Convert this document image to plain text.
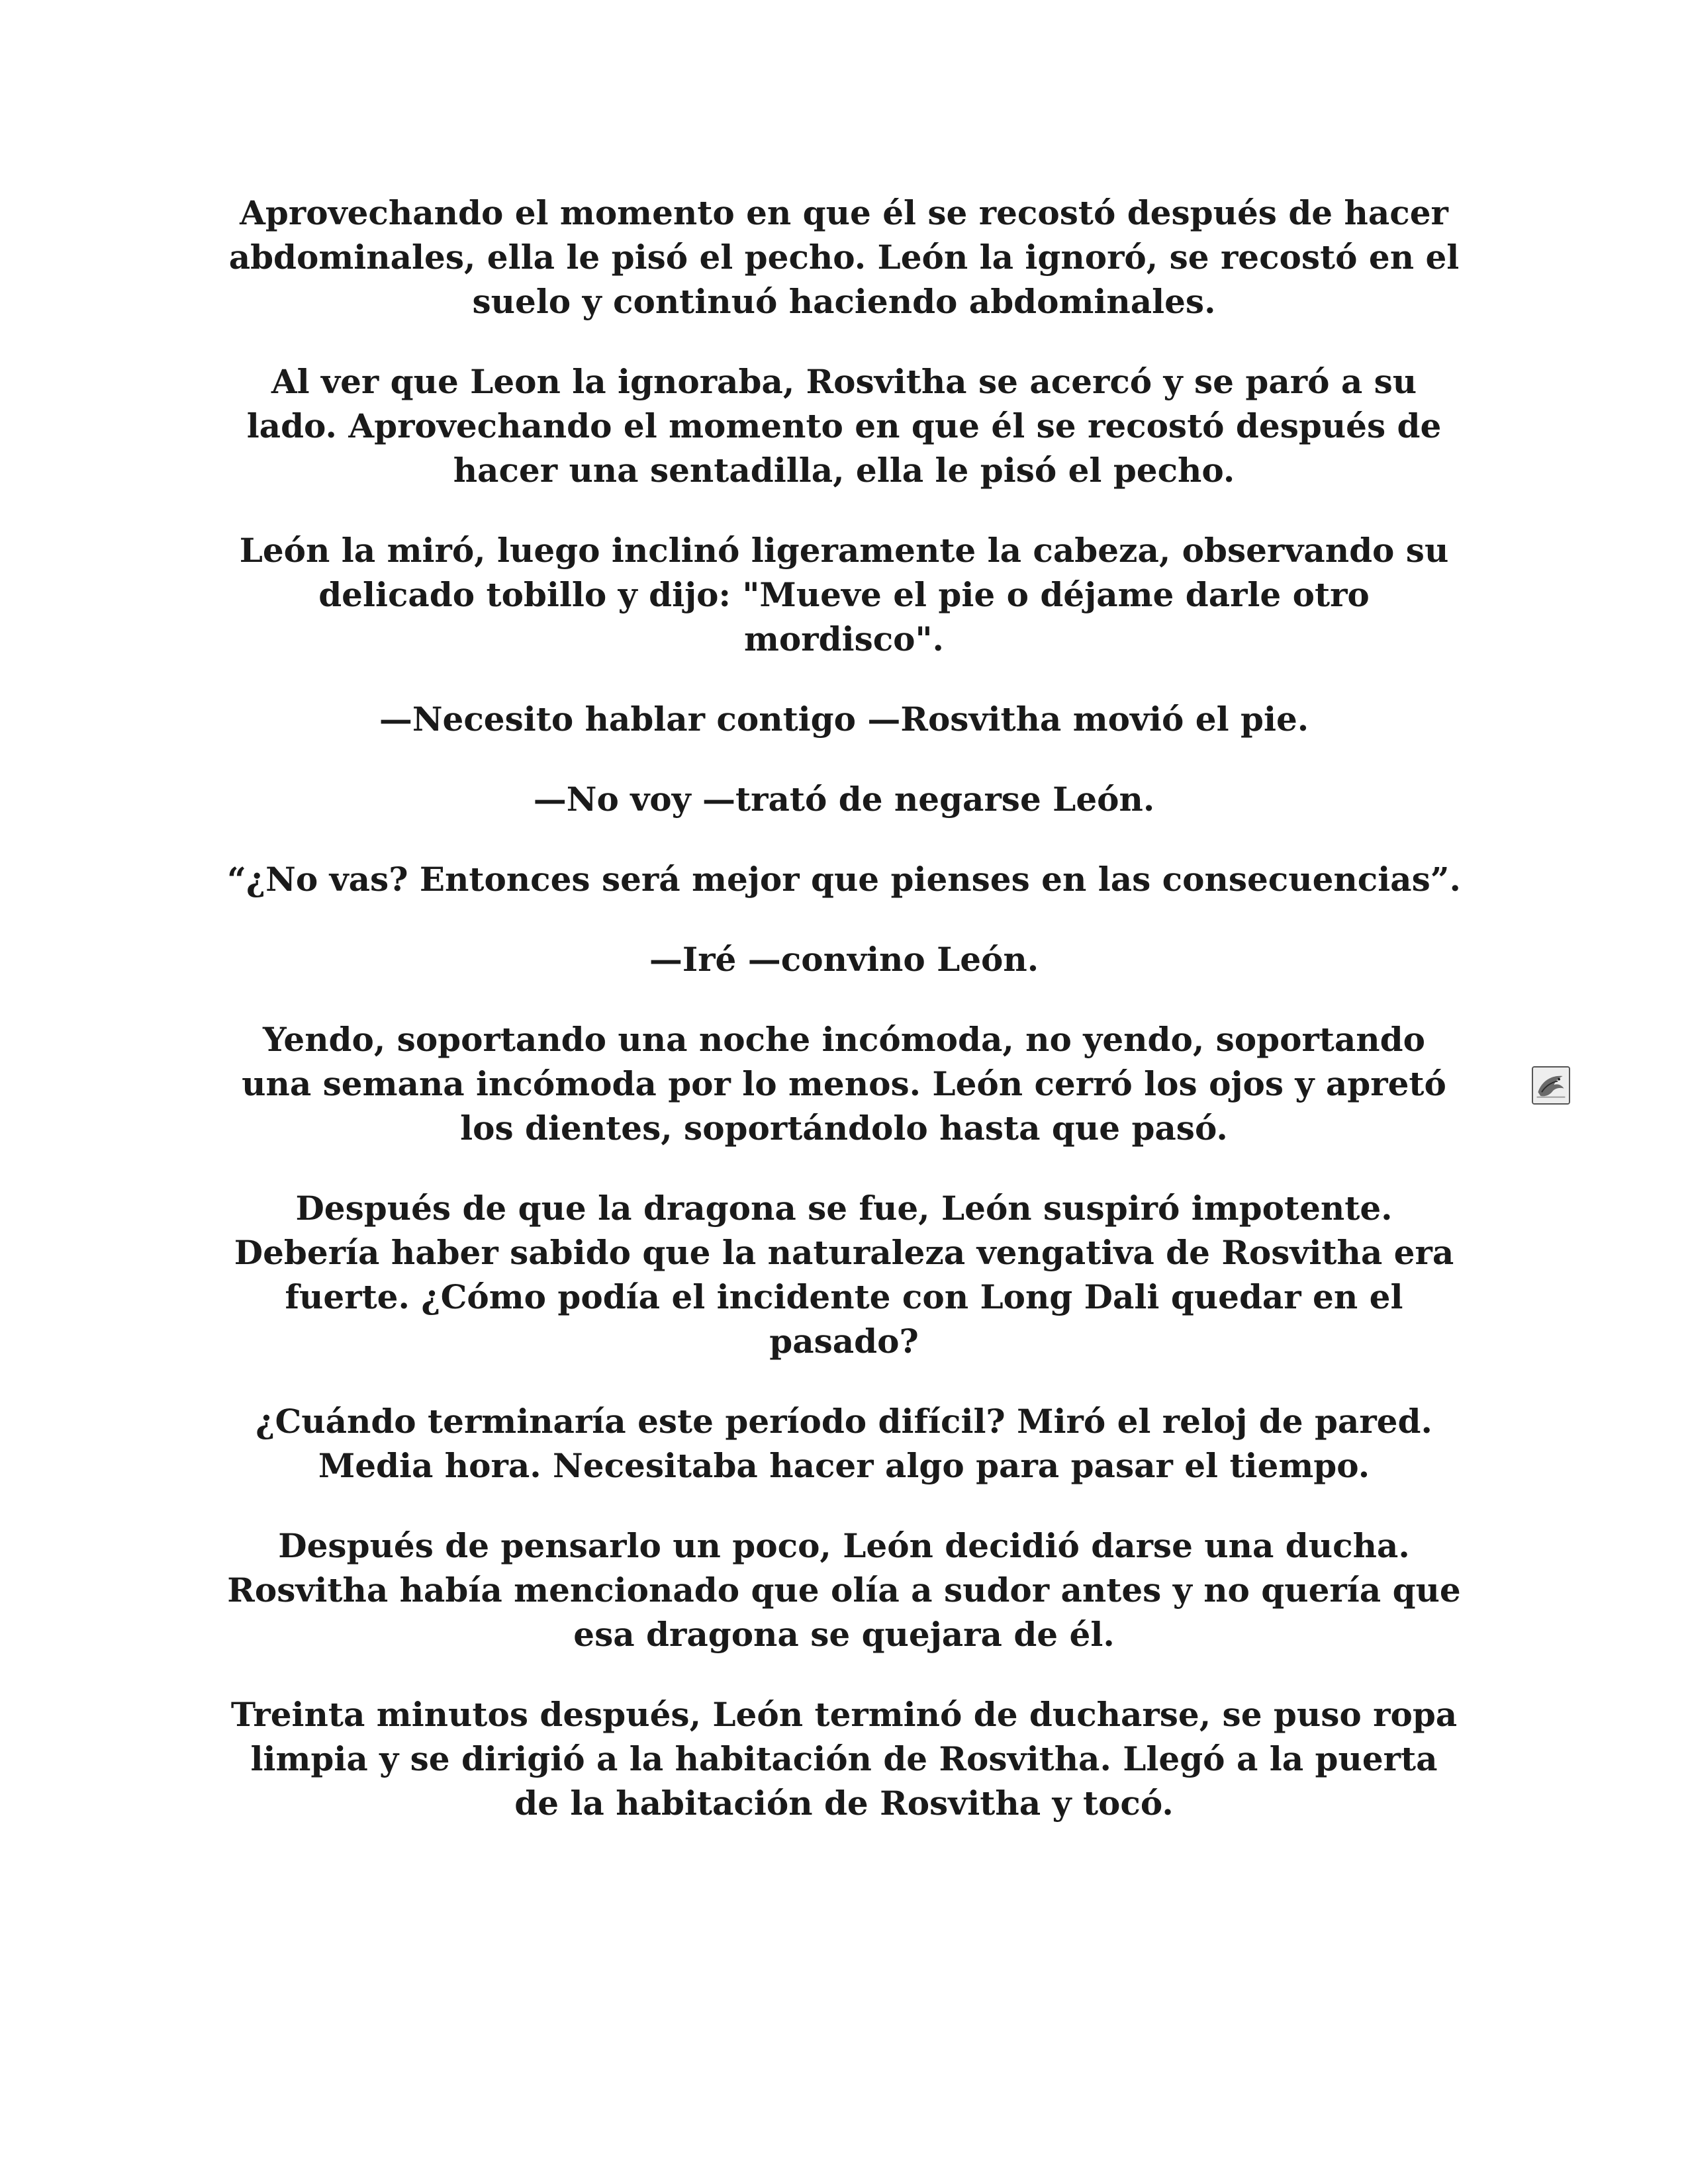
Aprovechando el momento en que él se recostó después de hacer abdominales, ella le pisó el pecho. León la ignoró, se recostó en el suelo y continuó haciendo abdominales.

Al ver que Leon la ignoraba, Rosvitha se acercó y se paró a su lado. Aprovechando el momento en que él se recostó después de hacer una sentadilla, ella le pisó el pecho.

León la miró, luego inclinó ligeramente la cabeza, observando su delicado tobillo y dijo: "Mueve el pie o déjame darle otro mordisco".

—Necesito hablar contigo —Rosvitha movió el pie.

—No voy —trató de negarse León.

“¿No vas? Entonces será mejor que pienses en las consecuencias”.

—Iré —convino León.

Yendo, soportando una noche incómoda, no yendo, soportando una semana incómoda por lo menos. León cerró los ojos y apretó los dientes, soportándolo hasta que pasó.

Después de que la dragona se fue, León suspiró impotente. Debería haber sabido que la naturaleza vengativa de Rosvitha era fuerte. ¿Cómo podía el incidente con Long Dali quedar en el pasado?

¿Cuándo terminaría este período difícil? Miró el reloj de pared. Media hora. Necesitaba hacer algo para pasar el tiempo.

Después de pensarlo un poco, León decidió darse una ducha. Rosvitha había mencionado que olía a sudor antes y no quería que esa dragona se quejara de él.

Treinta minutos después, León terminó de ducharse, se puso ropa limpia y se dirigió a la habitación de Rosvitha. Llegó a la puerta de la habitación de Rosvitha y tocó.
